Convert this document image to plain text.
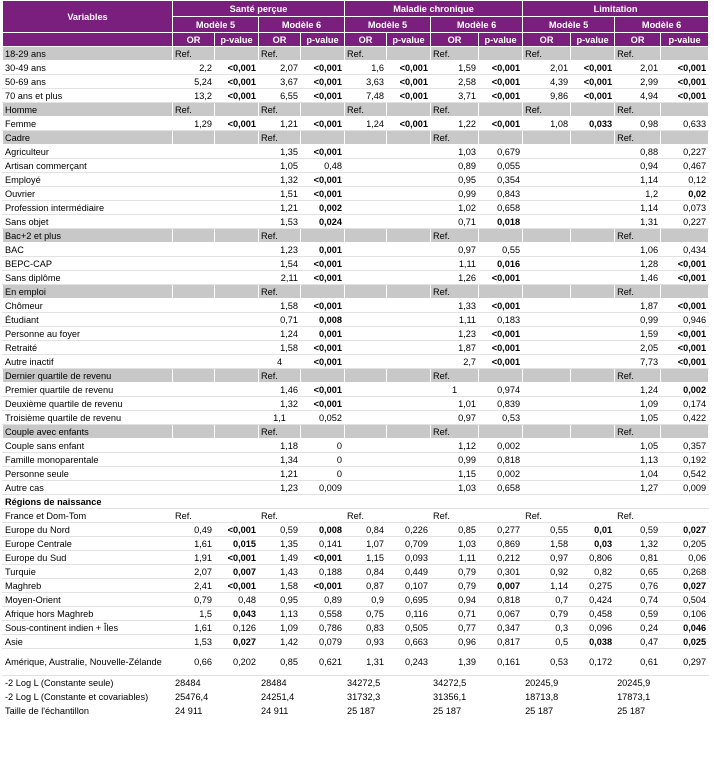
Variables	Santé perçue				Maladie chronique				Limitation			
	Modèle 5		Modèle 6		Modèle 5		Modèle 6		Modèle 5		Modèle 6	
	OR	p-value	OR	p-value	OR	p-value	OR	p-value	OR	p-value	OR	p-value
18-29 ans	Ref.		Ref.		Ref.		Ref.		Ref.		Ref.	
30-49 ans	2,2	<0,001	2,07	<0,001	1,6	<0,001	1,59	<0,001	2,01	<0,001	2,01	<0,001
50-69 ans	5,24	<0,001	3,67	<0,001	3,63	<0,001	2,58	<0,001	4,39	<0,001	2,99	<0,001
70 ans et plus	13,2	<0,001	6,55	<0,001	7,48	<0,001	3,71	<0,001	9,86	<0,001	4,94	<0,001
Homme	Ref.		Ref.		Ref.		Ref.		Ref.		Ref.	
Femme	1,29	<0,001	1,21	<0,001	1,24	<0,001	1,22	<0,001	1,08	0,033	0,98	0,633
Cadre			Ref.				Ref.				Ref.	
Agriculteur			1,35	<0,001			1,03	0,679			0,88	0,227
Artisan commerçant			1,05	0,48			0,89	0,055			0,94	0,467
Employé			1,32	<0,001			0,95	0,354			1,14	0,12
Ouvrier			1,51	<0,001			0,99	0,843			1,2	0,02
Profession intermédiaire			1,21	0,002			1,02	0,658			1,14	0,073
Sans objet			1,53	0,024			0,71	0,018			1,31	0,227
Bac+2 et plus			Ref.				Ref.				Ref.	
BAC			1,23	0,001			0,97	0,55			1,06	0,434
BEPC-CAP			1,54	<0,001			1,11	0,016			1,28	<0,001
Sans diplôme			2,11	<0,001			1,26	<0,001			1,46	<0,001
En emploi			Ref.				Ref.				Ref.	
Chômeur			1,58	<0,001			1,33	<0,001			1,87	<0,001
Étudiant			0,71	0,008			1,11	0,183			0,99	0,946
Personne au foyer			1,24	0,001			1,23	<0,001			1,59	<0,001
Retraité			1,58	<0,001			1,87	<0,001			2,05	<0,001
Autre inactif			4	<0,001			2,7	<0,001			7,73	<0,001
Dernier quartile de revenu			Ref.				Ref.				Ref.	
Premier quartile de revenu			1,46	<0,001			1	0,974			1,24	0,002
Deuxième quartile de revenu			1,32	<0,001			1,01	0,839			1,09	0,174
Troisième quartile de revenu			1,1	0,052			0,97	0,53			1,05	0,422
Couple avec enfants			Ref.				Ref.				Ref.	
Couple sans enfant			1,18	0			1,12	0,002			1,05	0,357
Famille monoparentale			1,34	0			0,99	0,818			1,13	0,192
Personne seule			1,21	0			1,15	0,002			1,04	0,542
Autre cas			1,23	0,009			1,03	0,658			1,27	0,009
Régions de naissance												
France et Dom-Tom	Ref.		Ref.		Ref.		Ref.		Ref.		Ref.	
Europe du Nord	0,49	<0,001	0,59	0,008	0,84	0,226	0,85	0,277	0,55	0,01	0,59	0,027
Europe Centrale	1,61	0,015	1,35	0,141	1,07	0,709	1,03	0,869	1,58	0,03	1,32	0,205
Europe du Sud	1,91	<0,001	1,49	<0,001	1,15	0,093	1,11	0,212	0,97	0,806	0,81	0,06
Turquie	2,07	0,007	1,43	0,188	0,84	0,449	0,79	0,301	0,92	0,82	0,65	0,268
Maghreb	2,41	<0,001	1,58	<0,001	0,87	0,107	0,79	0,007	1,14	0,275	0,76	0,027
Moyen-Orient	0,79	0,48	0,95	0,89	0,9	0,695	0,94	0,818	0,7	0,424	0,74	0,504
Afrique hors Maghreb	1,5	0,043	1,13	0,558	0,75	0,116	0,71	0,067	0,79	0,458	0,59	0,106
Sous-continent indien + Îles	1,61	0,126	1,09	0,786	0,83	0,505	0,77	0,347	0,3	0,096	0,24	0,046
Asie	1,53	0,027	1,42	0,079	0,93	0,663	0,96	0,817	0,5	0,038	0,47	0,025
Amérique, Australie, Nouvelle-Zélande	0,66	0,202	0,85	0,621	1,31	0,243	1,39	0,161	0,53	0,172	0,61	0,297
-2 Log L (Constante seule)	28484		28484		34272,5		34272,5		20245,9		20245,9	
-2 Log L (Constante et covariables)	25476,4		24251,4		31732,3		31356,1		18713,8		17873,1	
Taille de l'échantillon	24 911		24 911		25 187		25 187		25 187		25 187	
